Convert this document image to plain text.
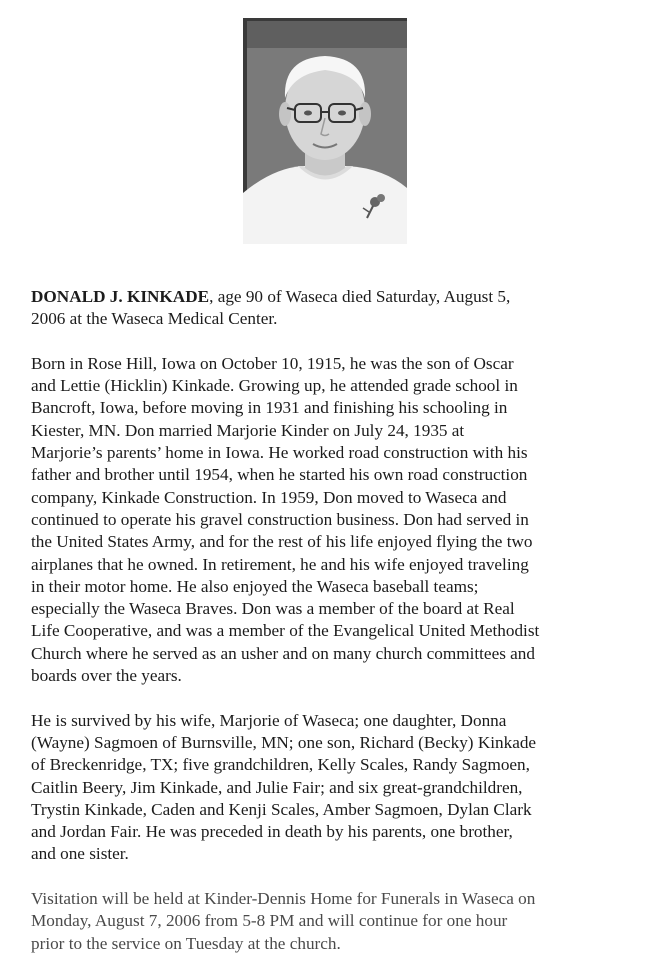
DONALD J. KINKADE, age 90 of Waseca died Saturday, August 5,
2006 at the Waseca Medical Center.

Born in Rose Hill, Iowa on October 10, 1915, he was the son of Oscar
and Lettie (Hicklin) Kinkade. Growing up, he attended grade school in
Bancroft, Iowa, before moving in 1931 and finishing his schooling in
Kiester, MN. Don married Marjorie Kinder on July 24, 1935 at
Marjorie’s parents’ home in Iowa. He worked road construction with his
father and brother until 1954, when he started his own road construction
company, Kinkade Construction. In 1959, Don moved to Waseca and
continued to operate his gravel construction business. Don had served in
the United States Army, and for the rest of his life enjoyed flying the two
airplanes that he owned. In retirement, he and his wife enjoyed traveling
in their motor home. He also enjoyed the Waseca baseball teams;
especially the Waseca Braves. Don was a member of the board at Real
Life Cooperative, and was a member of the Evangelical United Methodist
Church where he served as an usher and on many church committees and
boards over the years.

He is survived by his wife, Marjorie of Waseca; one daughter, Donna
(Wayne) Sagmoen of Burnsville, MN; one son, Richard (Becky) Kinkade
of Breckenridge, TX; five grandchildren, Kelly Scales, Randy Sagmoen,
Caitlin Beery, Jim Kinkade, and Julie Fair; and six great-grandchildren,
Trystin Kinkade, Caden and Kenji Scales, Amber Sagmoen, Dylan Clark
and Jordan Fair. He was preceded in death by his parents, one brother,
and one sister.

Visitation will be held at Kinder-Dennis Home for Funerals in Waseca on
Monday, August 7, 2006 from 5-8 PM and will continue for one hour
prior to the service on Tuesday at the church.
